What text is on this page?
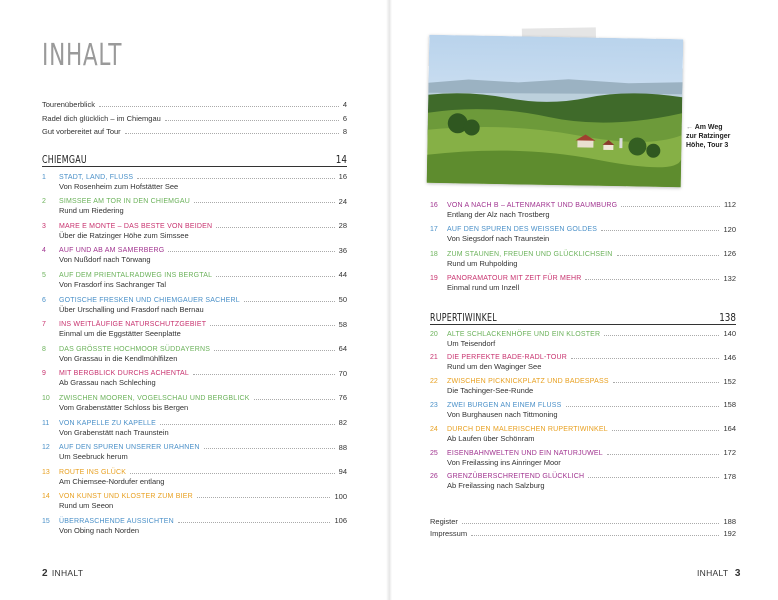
INHALT
Tourenüberblick	4
Radel dich glücklich – im Chiemgau	6
Gut vorbereitet auf Tour	8
CHIEMGAU	14
1	STADT, LAND, FLUSS	16
Von Rosenheim zum Hofstätter See
2	SIMSSEE AM TOR IN DEN CHIEMGAU	24
Rund um Riedering
3	MARE E MONTE – DAS BESTE VON BEIDEN	28
Über die Ratzinger Höhe zum Simssee
4	AUF UND AB AM SAMERBERG	36
Von Nußdorf nach Törwang
5	AUF DEM PRIENTALRADWEG INS BERGTAL	44
Von Frasdorf ins Sachranger Tal
6	GOTISCHE FRESKEN UND CHIEMGAUER SACHERL	50
Über Urschalling und Frasdorf nach Bernau
7	INS WEITLÄUFIGE NATURSCHUTZGEBIET	58
Einmal um die Eggstätter Seenplatte
8	DAS GRÖSSTE HOCHMOOR SÜDDAYERNS	64
Von Grassau in die Kendlmühlfilzen
9	MIT BERGBLICK DURCHS ACHENTAL	70
Ab Grassau nach Schleching
10	ZWISCHEN MOOREN, VOGELSCHAU UND BERGBLICK	76
Vom Grabenstätter Schloss bis Bergen
11	VON KAPELLE ZU KAPELLE	82
Von Grabenstätt nach Traunstein
12	AUF DEN SPUREN UNSERER URAHNEN	88
Um Seebruck herum
13	ROUTE INS GLÜCK	94
Am Chiemsee-Nordufer entlang
14	VON KUNST UND KLOSTER ZUM BIER	100
Rund um Seeon
15	ÜBERRASCHENDE AUSSICHTEN	106
Von Obing nach Norden
2 INHALT
← Am Weg
zur Ratzinger
Höhe, Tour 3
16	VON A NACH B – ALTENMARKT UND BAUMBURG	112
Entlang der Alz nach Trostberg
17	AUF DEN SPUREN DES WEISSEN GOLDES	120
Von Siegsdorf nach Traunstein
18	ZUM STAUNEN, FREUEN UND GLÜCKLICHSEIN	126
Rund um Ruhpolding
19	PANORAMATOUR MIT ZEIT FÜR MEHR	132
Einmal rund um Inzell
RUPERTIWINKEL	138
20	ALTE SCHLACKENHÖFE UND EIN KLOSTER	140
Um Teisendorf
21	DIE PERFEKTE BADE-RADL-TOUR	146
Rund um den Waginger See
22	ZWISCHEN PICKNICKPLATZ UND BADESPASS	152
Die Tachinger-See-Runde
23	ZWEI BURGEN AN EINEM FLUSS	158
Von Burghausen nach Tittmoning
24	DURCH DEN MALERISCHEN RUPERTIWINKEL	164
Ab Laufen über Schönram
25	EISENBAHNWELTEN UND EIN NATURJUWEL	172
Von Freilassing ins Ainringer Moor
26	GRENZÜBERSCHREITEND GLÜCKLICH	178
Ab Freilassing nach Salzburg
Register	188
Impressum	192
INHALT 3
